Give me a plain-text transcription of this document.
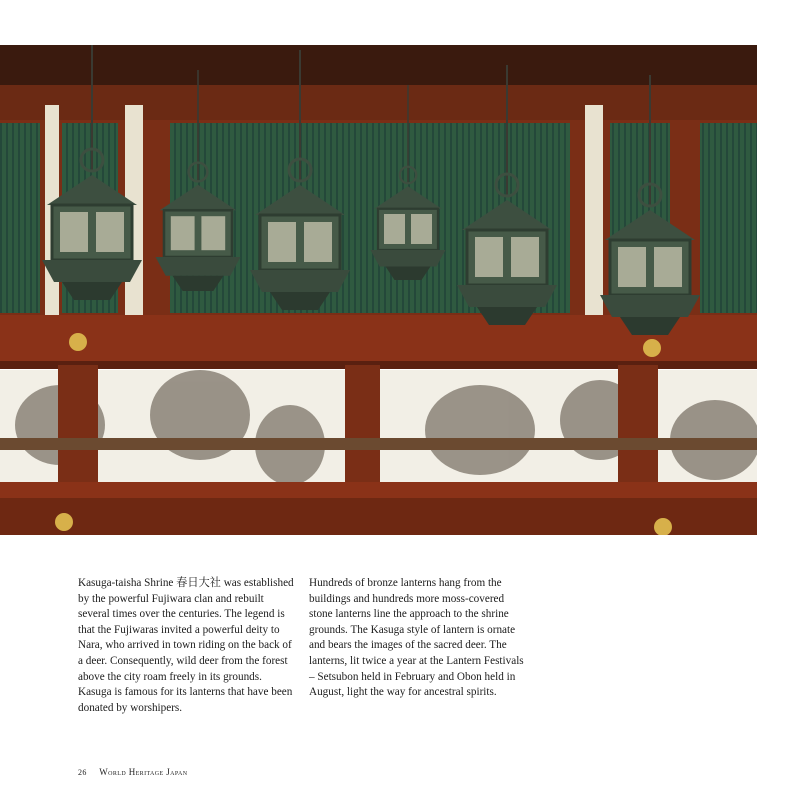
Kasuga-taisha Shrine 春日大社 was established by the powerful Fujiwara clan and rebuilt several times over the centuries. The legend is that the Fujiwaras invited a powerful deity to Nara, who arrived in town riding on the back of a deer. Consequently, wild deer from the forest above the city roam freely in its grounds. Kasuga is famous for its lanterns that have been donated by worshipers.

Hundreds of bronze lanterns hang from the buildings and hundreds more moss-covered stone lanterns line the approach to the shrine grounds. The Kasuga style of lantern is ornate and bears the images of the sacred deer. The lanterns, lit twice a year at the Lantern Festivals – Setsubon held in February and Obon held in August, light the way for ancestral spirits.

26 World Heritage Japan
